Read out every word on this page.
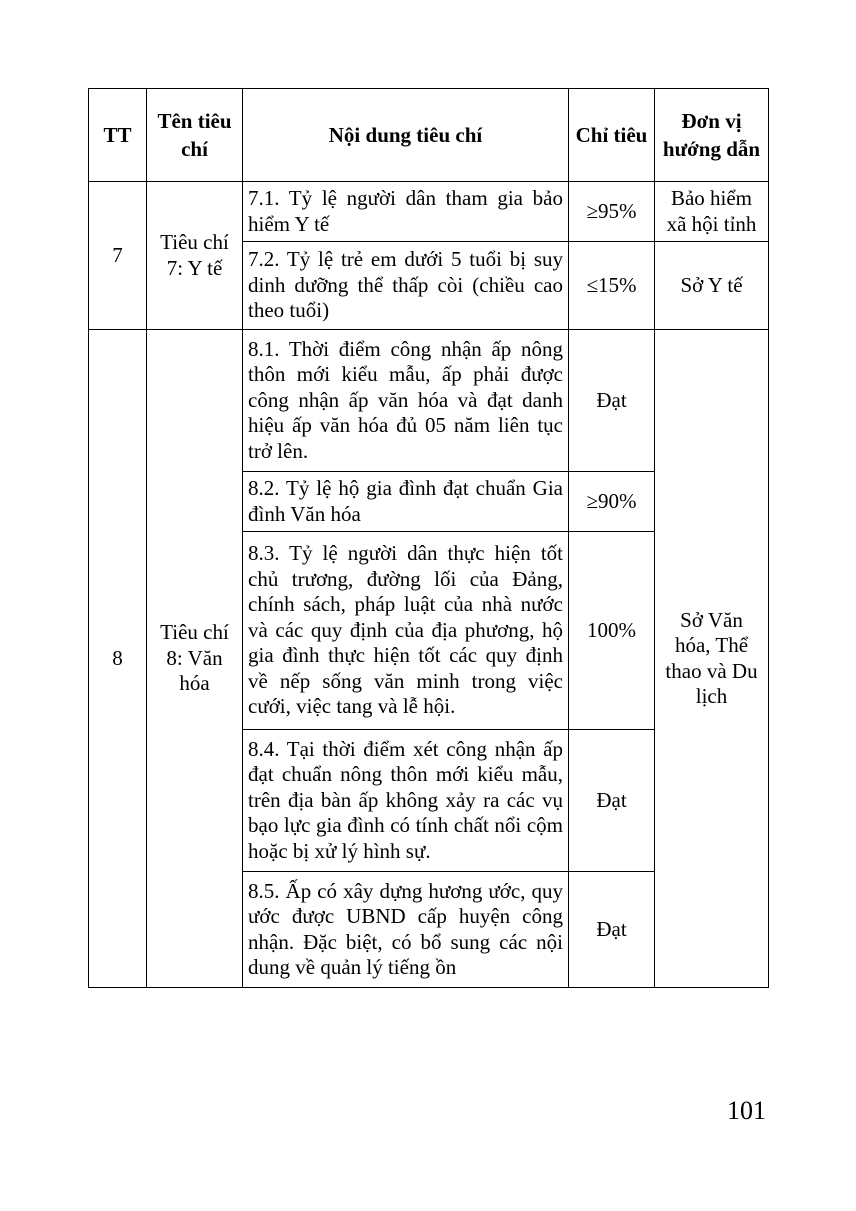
TT	Tên tiêu chí	Nội dung tiêu chí	Chỉ tiêu	Đơn vị hướng dẫn
7	Tiêu chí 7: Y tế	7.1. Tỷ lệ người dân tham gia bảo hiểm Y tế	≥95%	Bảo hiểm xã hội tỉnh
		7.2. Tỷ lệ trẻ em dưới 5 tuổi bị suy dinh dưỡng thể thấp còi (chiều cao theo tuổi)	≤15%	Sở Y tế
8	Tiêu chí 8: Văn hóa	8.1. Thời điểm công nhận ấp nông thôn mới kiểu mẫu, ấp phải được công nhận ấp văn hóa và đạt danh hiệu ấp văn hóa đủ 05 năm liên tục trở lên.	Đạt	Sở Văn hóa, Thể thao và Du lịch
		8.2. Tỷ lệ hộ gia đình đạt chuẩn Gia đình Văn hóa	≥90%	
		8.3. Tỷ lệ người dân thực hiện tốt chủ trương, đường lối của Đảng, chính sách, pháp luật của nhà nước và các quy định của địa phương, hộ gia đình thực hiện tốt các quy định về nếp sống văn minh trong việc cưới, việc tang và lễ hội.	100%	
		8.4. Tại thời điểm xét công nhận ấp đạt chuẩn nông thôn mới kiểu mẫu, trên địa bàn ấp không xảy ra các vụ bạo lực gia đình có tính chất nổi cộm hoặc bị xử lý hình sự.	Đạt	
		8.5. Ấp có xây dựng hương ước, quy ước được UBND cấp huyện công nhận. Đặc biệt, có bổ sung các nội dung về quản lý tiếng ồn	Đạt	
101
